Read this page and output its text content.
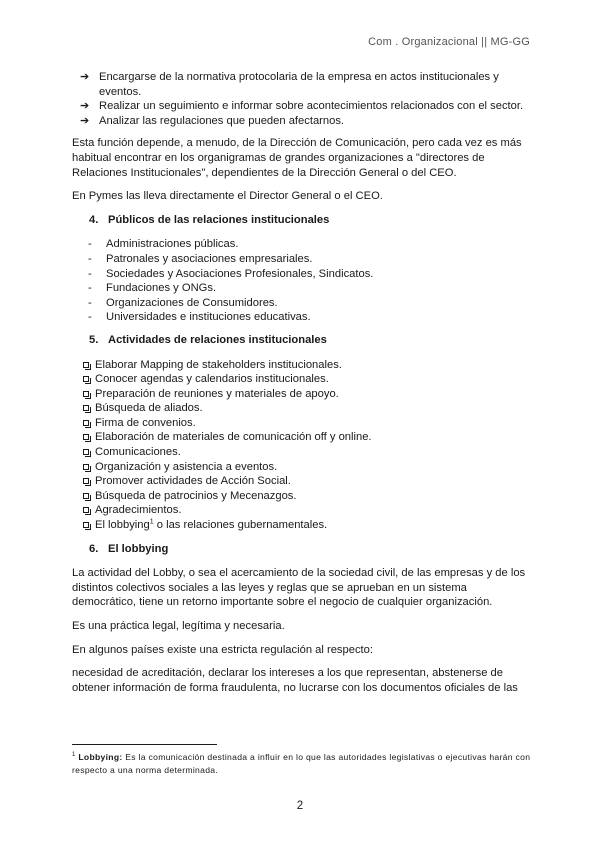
Com . Organizacional || MG-GG
➔ Encargarse de la normativa protocolaria de la empresa en actos institucionales y eventos.
➔ Realizar un seguimiento e informar sobre acontecimientos relacionados con el sector.
➔ Analizar las regulaciones que pueden afectarnos.

Esta función depende, a menudo, de la Dirección de Comunicación, pero cada vez es más habitual encontrar en los organigramas de grandes organizaciones a "directores de Relaciones Institucionales", dependientes de la Dirección General o del CEO.

En Pymes las lleva directamente el Director General o el CEO.

4. Públicos de las relaciones institucionales
- Administraciones públicas.
- Patronales y asociaciones empresariales.
- Sociedades y Asociaciones Profesionales, Sindicatos.
- Fundaciones y ONGs.
- Organizaciones de Consumidores.
- Universidades e instituciones educativas.
5. Actividades de relaciones institucionales
Elaborar Mapping de stakeholders institucionales.
Conocer agendas y calendarios institucionales.
Preparación de reuniones y materiales de apoyo.
Búsqueda de aliados.
Firma de convenios.
Elaboración de materiales de comunicación off y online.
Comunicaciones.
Organización y asistencia a eventos.
Promover actividades de Acción Social.
Búsqueda de patrocinios y Mecenazgos.
Agradecimientos.
El lobbying$^1$ o las relaciones gubernamentales.
6. El lobbying

La actividad del Lobby, o sea el acercamiento de la sociedad civil, de las empresas y de los distintos colectivos sociales a las leyes y reglas que se aprueban en un sistema democrático, tiene un retorno importante sobre el negocio de cualquier organización.

Es una práctica legal, legítima y necesaria.

En algunos países existe una estricta regulación al respecto:

necesidad de acreditación, declarar los intereses a los que representan, abstenerse de obtener información de forma fraudulenta, no lucrarse con los documentos oficiales de las

$^1$ Lobbying: Es la comunicación destinada a influir en lo que las autoridades legislativas o ejecutivas harán con respecto a una norma determinada.
2
